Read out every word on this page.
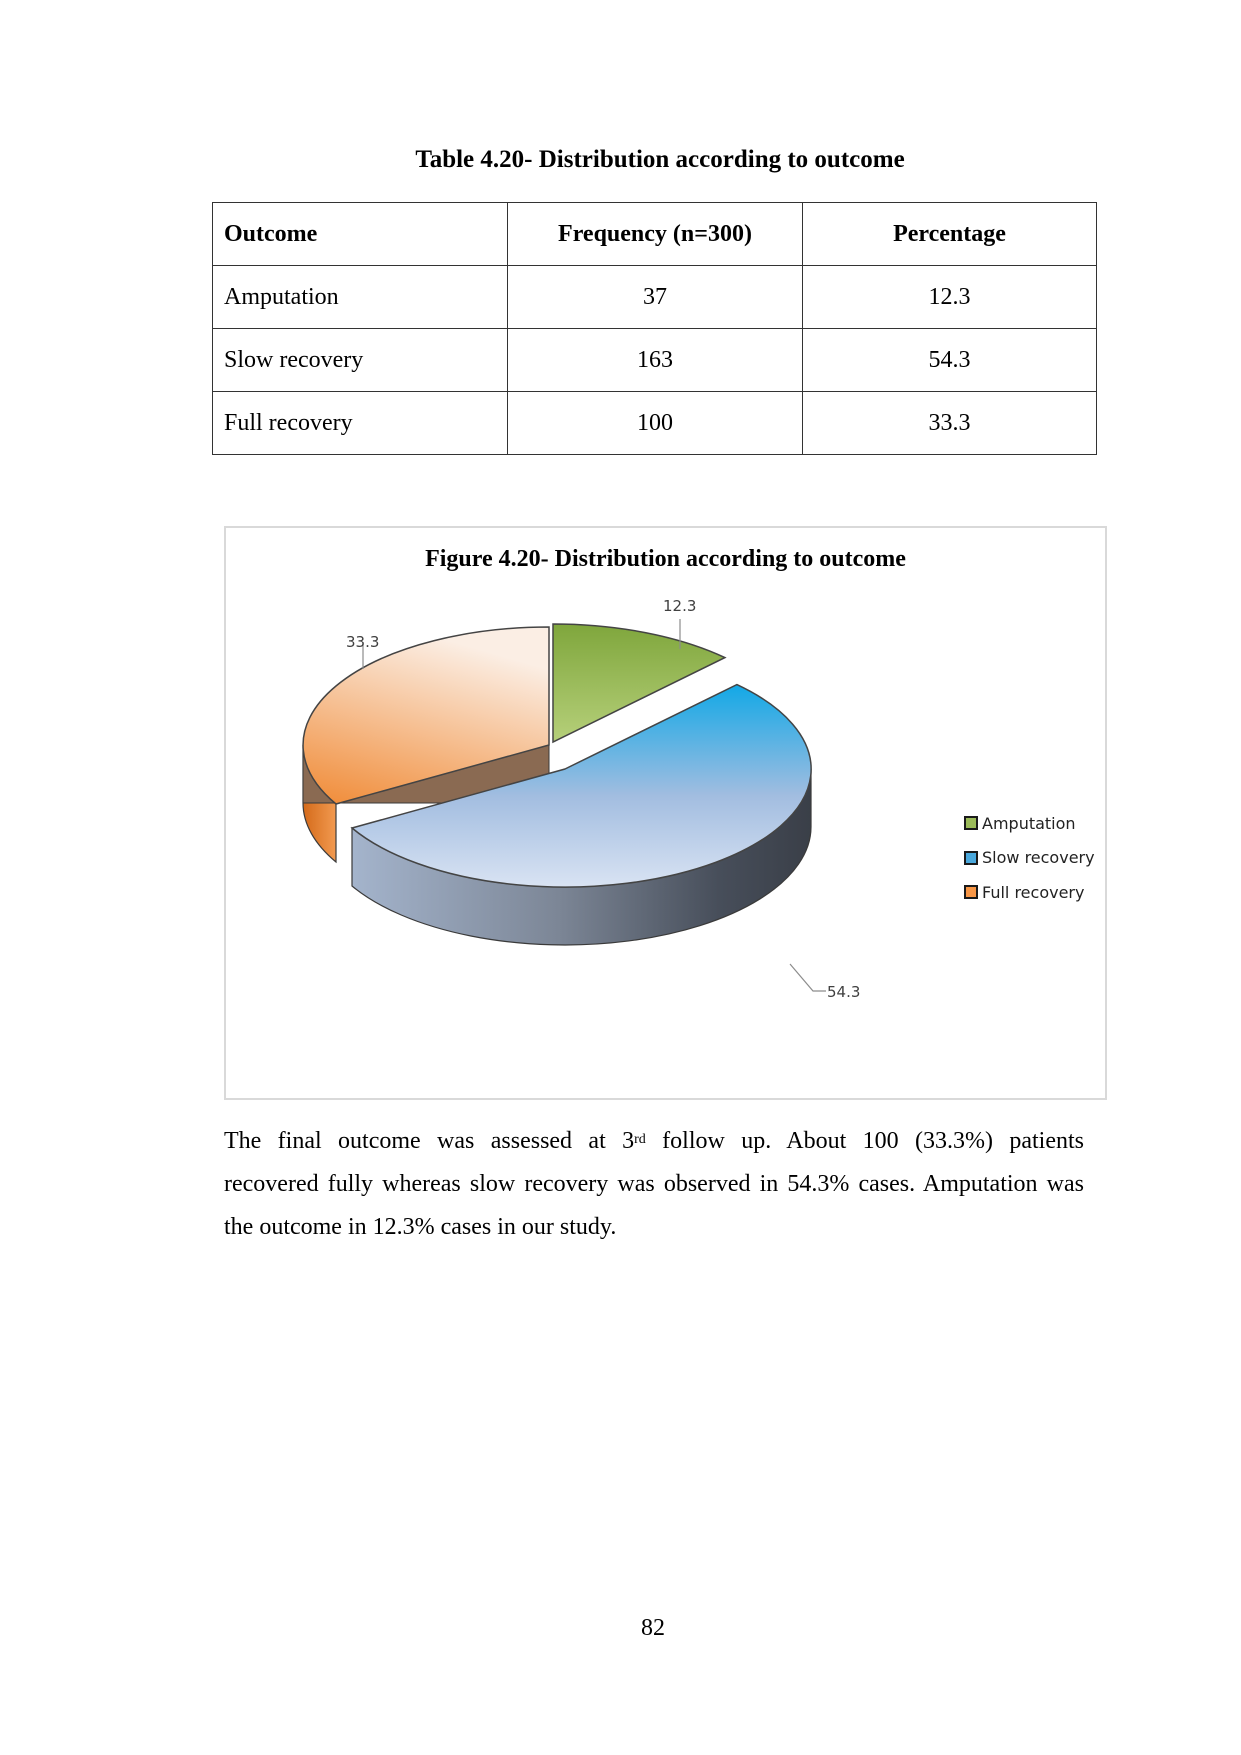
Table 4.20- Distribution according to outcome
Outcome	Frequency (n=300)	Percentage
Amputation	37	12.3
Slow recovery	163	54.3
Full recovery	100	33.3
Figure 4.20- Distribution according to outcome
12.3
54.3
33.3
Amputation
Slow recovery
Full recovery
The final outcome was assessed at 3rd follow up. About 100 (33.3%) patients
recovered fully whereas slow recovery was observed in 54.3% cases. Amputation was
the outcome in 12.3% cases in our study.
82
